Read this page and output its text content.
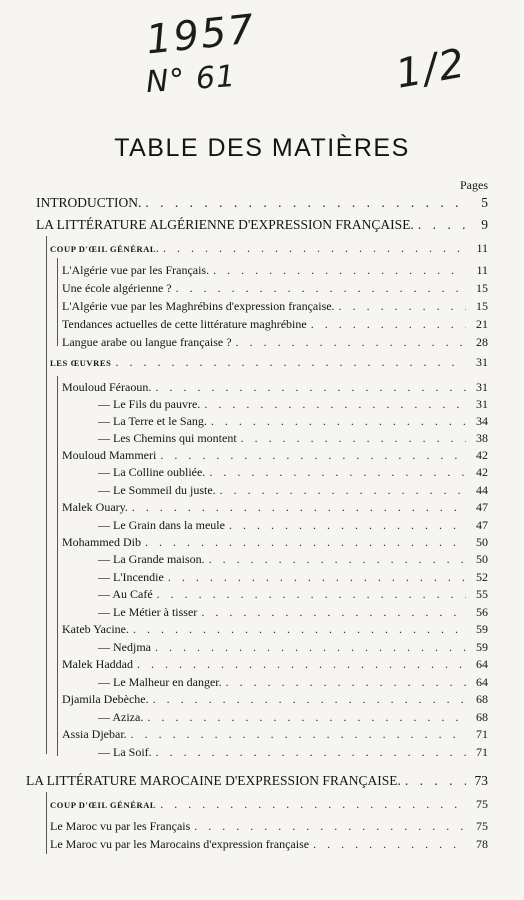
1957
N° 61	1/2
TABLE DES MATIÈRES
Pages
INTRODUCTION. . . .	5
LA LITTÉRATURE ALGÉRIENNE D'EXPRESSION FRANÇAISE. . . .	9
COUP D'ŒIL GÉNÉRAL. . . .	11
L'Algérie vue par les Français. . . .	11
Une école algérienne ? . . .	15
L'Algérie vue par les Maghrébins d'expression française. . . .	15
Tendances actuelles de cette littérature maghrébine . . .	21
Langue arabe ou langue française ? . . .	28
LES ŒUVRES . . .	31
Mouloud Féraoun. . . .	31
— Le Fils du pauvre. . . .	31
— La Terre et le Sang. . . .	34
— Les Chemins qui montent . . .	38
Mouloud Mammeri . . .	42
— La Colline oubliée. . . .	42
— Le Sommeil du juste. . . .	44
Malek Ouary. . . .	47
— Le Grain dans la meule . . .	47
Mohammed Dib . . .	50
— La Grande maison. . . .	50
— L'Incendie . . .	52
— Au Café . . .	55
— Le Métier à tisser . . .	56
Kateb Yacine. . . .	59
— Nedjma . . .	59
Malek Haddad . . .	64
— Le Malheur en danger. . . .	64
Djamila Debèche. . . .	68
— Aziza. . . .	68
Assia Djebar. . . .	71
— La Soif. . . .	71
LA LITTÉRATURE MAROCAINE D'EXPRESSION FRANÇAISE. . . .	73
COUP D'ŒIL GÉNÉRAL . . .	75
Le Maroc vu par les Français . . .	75
Le Maroc vu par les Marocains d'expression française . . .	78
